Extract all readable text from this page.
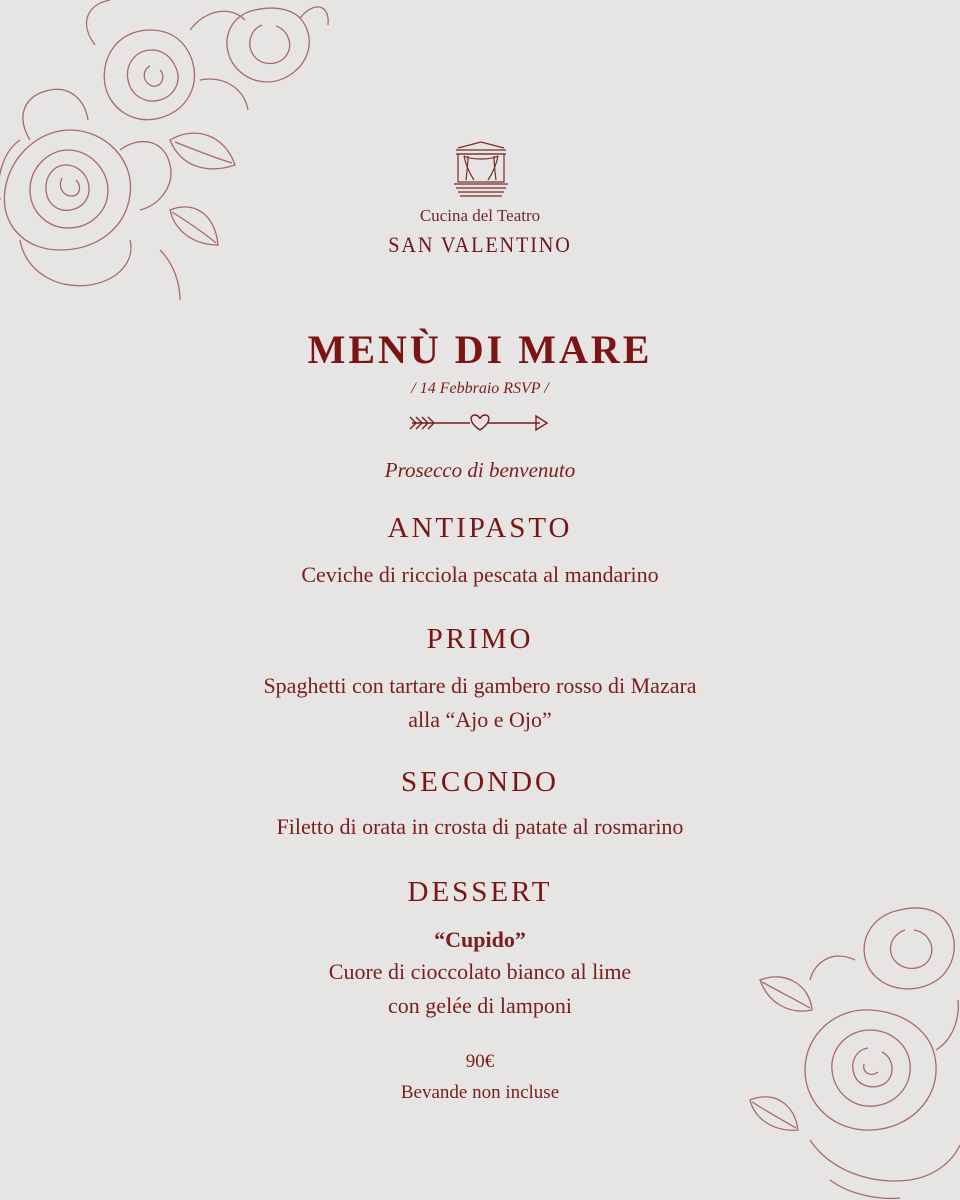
Cucina del Teatro
SAN VALENTINO
MENÙ DI MARE
/ 14 Febbraio RSVP /
Prosecco di benvenuto
ANTIPASTO
Ceviche di ricciola pescata al mandarino
PRIMO
Spaghetti con tartare di gambero rosso di Mazara
alla “Ajo e Ojo”
SECONDO
Filetto di orata in crosta di patate al rosmarino
DESSERT
“Cupido”
Cuore di cioccolato bianco al lime
con gelée di lamponi
90€
Bevande non incluse
